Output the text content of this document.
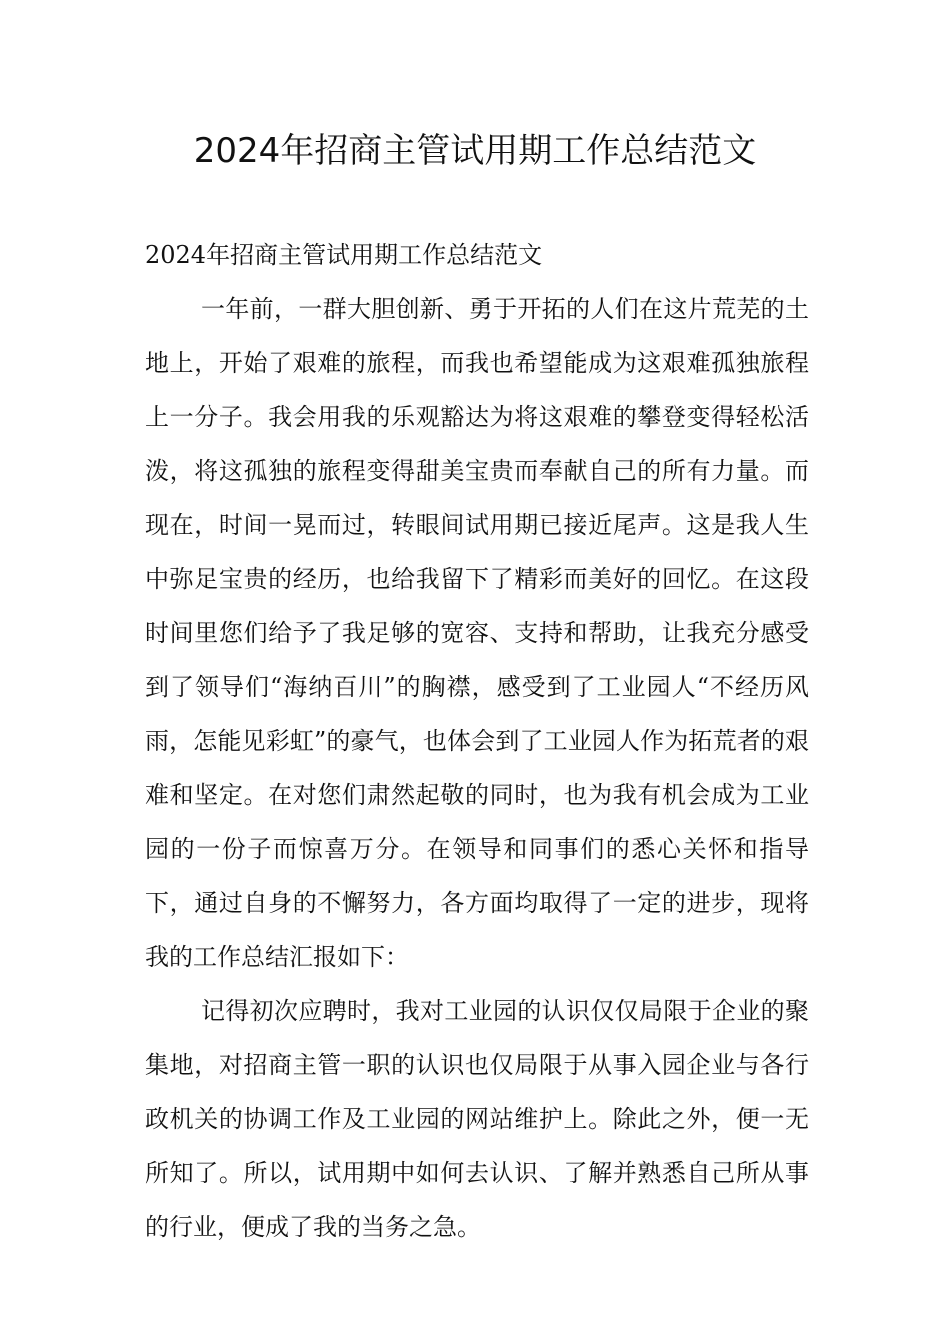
2024年招商主管试用期工作总结范文

2024年招商主管试用期工作总结范文

一年前，一群大胆创新、勇于开拓的人们在这片荒芜的土地上，开始了艰难的旅程，而我也希望能成为这艰难孤独旅程上一分子。我会用我的乐观豁达为将这艰难的攀登变得轻松活泼，将这孤独的旅程变得甜美宝贵而奉献自己的所有力量。而现在，时间一晃而过，转眼间试用期已接近尾声。这是我人生中弥足宝贵的经历，也给我留下了精彩而美好的回忆。在这段时间里您们给予了我足够的宽容、支持和帮助，让我充分感受到了领导们“海纳百川”的胸襟，感受到了工业园人“不经历风雨，怎能见彩虹”的豪气，也体会到了工业园人作为拓荒者的艰难和坚定。在对您们肃然起敬的同时，也为我有机会成为工业园的一份子而惊喜万分。在领导和同事们的悉心关怀和指导下，通过自身的不懈努力，各方面均取得了一定的进步，现将我的工作总结汇报如下：

记得初次应聘时，我对工业园的认识仅仅局限于企业的聚集地，对招商主管一职的认识也仅局限于从事入园企业与各行政机关的协调工作及工业园的网站维护上。除此之外，便一无所知了。所以，试用期中如何去认识、了解并熟悉自己所从事的行业，便成了我的当务之急。
